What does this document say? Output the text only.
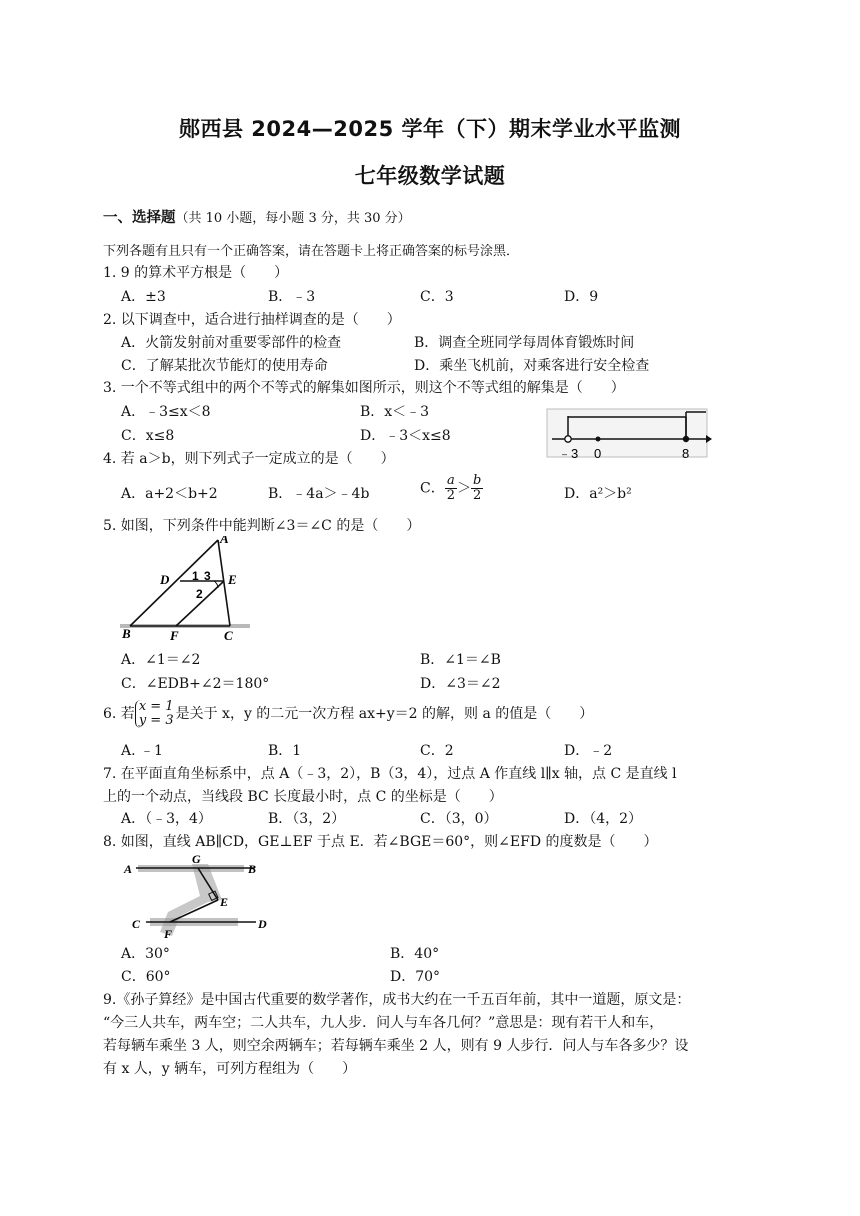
郧西县 2024—2025 学年（下）期末学业水平监测
七年级数学试题
一、选择题（共 10 小题，每小题 3 分，共 30 分）
下列各题有且只有一个正确答案，请在答题卡上将正确答案的标号涂黑．
1. 9 的算术平方根是（　　）
A．±3	B．﹣3	C．3	D．9
2. 以下调查中，适合进行抽样调查的是（　　）
A．火箭发射前对重要零部件的检查	B．调查全班同学每周体育锻炼时间
C．了解某批次节能灯的使用寿命	D．乘坐飞机前，对乘客进行安全检查
3. 一个不等式组中的两个不等式的解集如图所示，则这个不等式组的解集是（　　）
A．﹣3≤x＜8	B．x＜﹣3
C．x≤8	D．﹣3＜x≤8
﹣3 0	8
4. 若 a＞b，则下列式子一定成立的是（　　）
A．a+2＜b+2	B．﹣4a＞﹣4b	C． $\frac{a}{2} > \frac{b}{2}$	D．a²＞b²
5. 如图，下列条件中能判断∠3＝∠C 的是（　　）
A
D 1 3 E
2
B	F	C
A．∠1＝∠2	B．∠1＝∠B
C．∠EDB+∠2＝180°	D．∠3＝∠2
6. 若 x = 1
y = 3 是关于 x，y 的二元一次方程 ax+y＝2 的解，则 a 的值是（　　）
A. ﹣1	B．1	C．2	D．﹣2
7. 在平面直角坐标系中，点 A（﹣3，2），B（3，4），过点 A 作直线 l∥x 轴，点 C 是直线 l
上的一个动点，当线段 BC 长度最小时，点 C 的坐标是（　　）
A．（﹣3，4）	B．（3，2）	C．（3，0）	D．（4，2）
8. 如图，直线 AB∥CD，GE⊥EF 于点 E．若∠BGE＝60°，则∠EFD 的度数是（　　）
A
G
B
E
C
F
D
A．30°	B．40°
C．60°	D．70°
9.《孙子算经》是中国古代重要的数学著作，成书大约在一千五百年前，其中一道题，原文是：
“今三人共车，两车空；二人共车，九人步．问人与车各几何？”意思是：现有若干人和车，
若每辆车乘坐 3 人，则空余两辆车；若每辆车乘坐 2 人，则有 9 人步行．问人与车各多少？设
有 x 人，y 辆车，可列方程组为（　　）
